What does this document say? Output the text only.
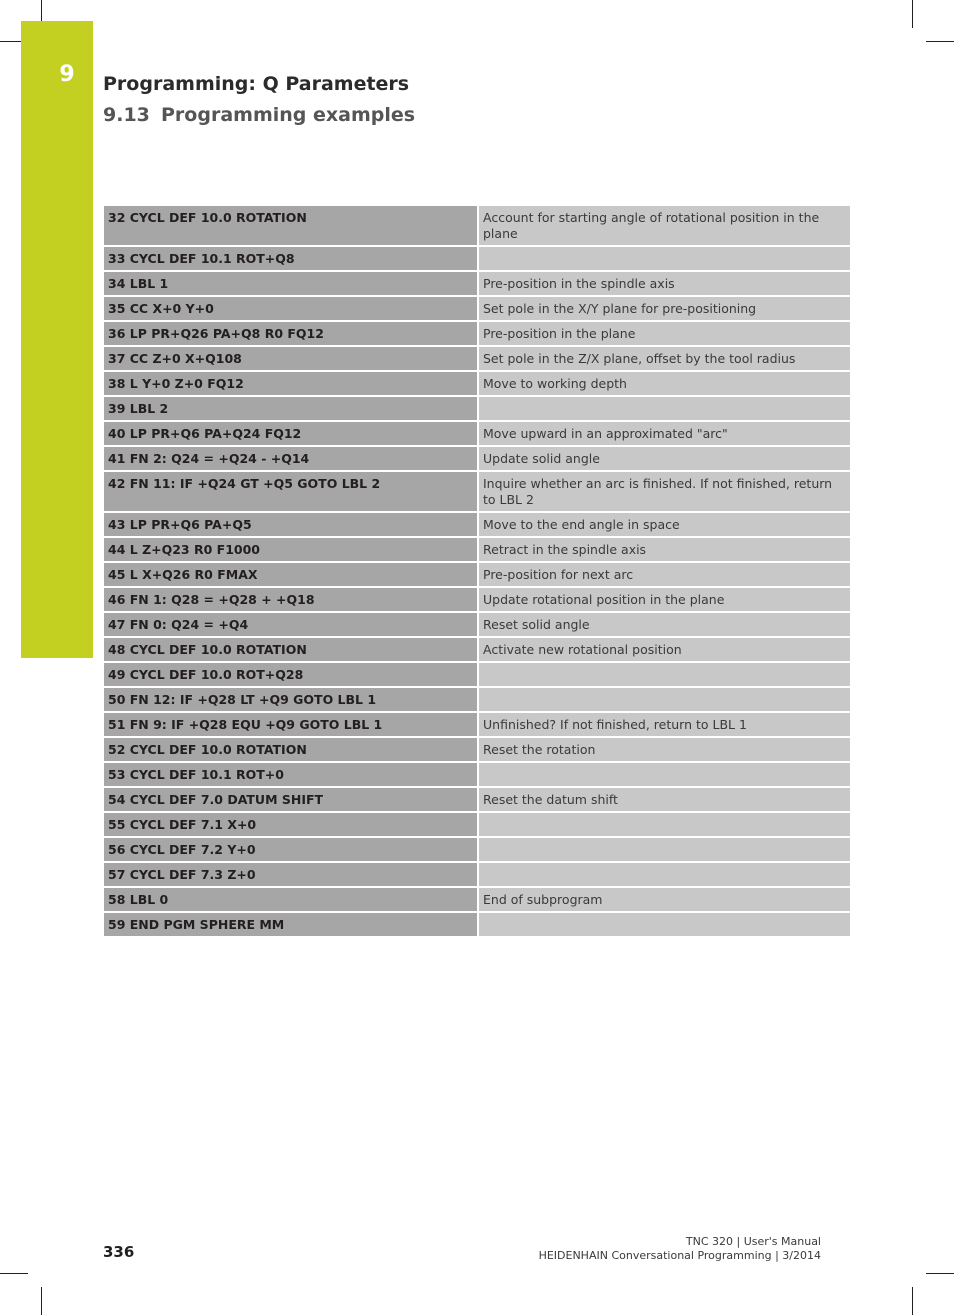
9 Programming: Q Parameters
9.13 Programming examples
32 CYCL DEF 10.0 ROTATION	Account for starting angle of rotational position in the plane
33 CYCL DEF 10.1 ROT+Q8	
34 LBL 1	Pre-position in the spindle axis
35 CC X+0 Y+0	Set pole in the X/Y plane for pre-positioning
36 LP PR+Q26 PA+Q8 R0 FQ12	Pre-position in the plane
37 CC Z+0 X+Q108	Set pole in the Z/X plane, offset by the tool radius
38 L Y+0 Z+0 FQ12	Move to working depth
39 LBL 2	
40 LP PR+Q6 PA+Q24 FQ12	Move upward in an approximated "arc"
41 FN 2: Q24 = +Q24 - +Q14	Update solid angle
42 FN 11: IF +Q24 GT +Q5 GOTO LBL 2	Inquire whether an arc is finished. If not finished, return to LBL 2
43 LP PR+Q6 PA+Q5	Move to the end angle in space
44 L Z+Q23 R0 F1000	Retract in the spindle axis
45 L X+Q26 R0 FMAX	Pre-position for next arc
46 FN 1: Q28 = +Q28 + +Q18	Update rotational position in the plane
47 FN 0: Q24 = +Q4	Reset solid angle
48 CYCL DEF 10.0 ROTATION	Activate new rotational position
49 CYCL DEF 10.0 ROT+Q28	
50 FN 12: IF +Q28 LT +Q9 GOTO LBL 1	
51 FN 9: IF +Q28 EQU +Q9 GOTO LBL 1	Unfinished? If not finished, return to LBL 1
52 CYCL DEF 10.0 ROTATION	Reset the rotation
53 CYCL DEF 10.1 ROT+0	
54 CYCL DEF 7.0 DATUM SHIFT	Reset the datum shift
55 CYCL DEF 7.1 X+0	
56 CYCL DEF 7.2 Y+0	
57 CYCL DEF 7.3 Z+0	
58 LBL 0	End of subprogram
59 END PGM SPHERE MM	
336
TNC 320 | User's Manual
HEIDENHAIN Conversational Programming | 3/2014
